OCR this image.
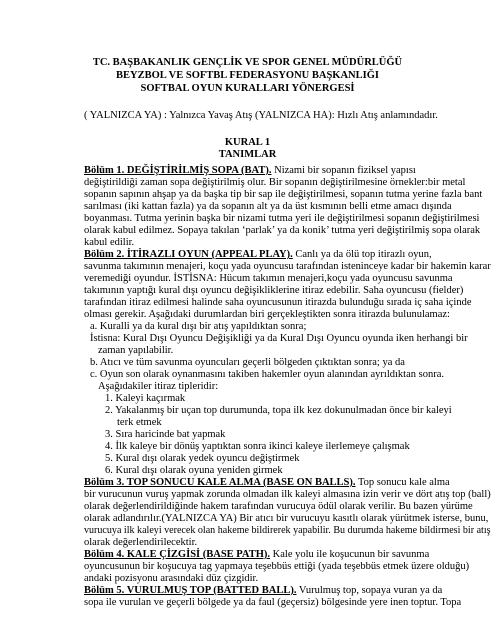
TC. BAŞBAKANLIK GENÇLİK VE SPOR GENEL MÜDÜRLÜĞÜ
BEYZBOL VE SOFTBL FEDERASYONU BAŞKANLIĞI
SOFTBAL OYUN KURALLARI YÖNERGESİ
( YALNIZCA YA) : Yalnızca Yavaş Atış (YALNIZCA HA): Hızlı Atış anlamındadır.
KURAL 1
TANIMLAR
Bölüm 1. DEĞİŞTİRİLMİŞ SOPA (BAT). Nizami bir sopanın fiziksel yapısı
değiştirildiği zaman sopa değiştirilmiş olur. Bir sopanın değiştirilmesine örnekler:bir metal
sopanın sapının ahşap ya da başka tip bir sap ile değiştirilmesi, sopanın tutma yerine fazla bant
sarılması (iki kattan fazla) ya da sopanın alt ya da üst kısmının belli etme amacı dışında
boyanması. Tutma yerinin başka bir nizami tutma yeri ile değiştirilmesi sopanın değiştirilmesi
olarak kabul edilmez. Sopaya takılan ‘parlak’ ya da konik’ tutma yeri değiştirilmiş sopa olarak
kabul edilir.
Bölüm 2. İTİRAZLI OYUN (APPEAL PLAY). Canlı ya da ölü top itirazlı oyun,
savunma takımının menajeri, koçu yada oyuncusu tarafından isteninceye kadar bir hakemin karar
veremediği oyundur. İSTİSNA: Hücum takımın menajeri,koçu yada oyuncusu savunma
takımının yaptığı kural dışı oyuncu değişikliklerine itiraz edebilir. Saha oyuncusu (fielder)
tarafından itiraz edilmesi halinde saha oyuncusunun itirazda bulunduğu sırada iç saha içinde
olması gerekir. Aşağıdaki durumlardan biri gerçekleştikten sonra itirazda bulunulamaz:
a. Kuralli ya da kural dışı bir atış yapıldıktan sonra;
İstisna: Kural Dışı Oyuncu Değişikliği ya da Kural Dışı Oyuncu oyunda iken herhangi bir
zaman yapılabilir.
b. Atıcı ve tüm savunma oyuncuları geçerli bölgeden çıktıktan sonra; ya da
c. Oyun son olarak oynanmasını takiben hakemler oyun alanından ayrıldıktan sonra.
Aşağıdakiler itiraz tipleridir:
1. Kaleyi kaçırmak
2. Yakalanmış bir uçan top durumunda, topa ilk kez dokunulmadan önce bir kaleyi
terk etmek
3. Sıra haricinde bat yapmak
4. İlk kaleye bir dönüş yaptıktan sonra ikinci kaleye ilerlemeye çalışmak
5. Kural dışı olarak yedek oyuncu değiştirmek
6. Kural dışı olarak oyuna yeniden girmek
Bölüm 3. TOP SONUCU KALE ALMA (BASE ON BALLS). Top sonucu kale alma
bir vurucunun vuruş yapmak zorunda olmadan ilk kaleyi almasına izin verir ve dört atış top (ball)
olarak değerlendirildiğinde hakem tarafından vurucuya ödül olarak verilir. Bu bazen yürüme
olarak adlandırılır.(YALNIZCA YA) Bir atıcı bir vurucuyu kasıtlı olarak yürütmek isterse, bunu,
vurucuya ilk kaleyi verecek olan hakeme bildirerek yapabilir. Bu durumda hakeme bildirmesi bir atış
olarak değerlendirilecektir.
Bölüm 4. KALE ÇİZGİSİ (BASE PATH). Kale yolu ile koşucunun bir savunma
oyuncusunun bir koşucuya tag yapmaya teşebbüs ettiği (yada teşebbüs etmek üzere olduğu)
andaki pozisyonu arasındaki düz çizgidir.
Bölüm 5. VURULMUŞ TOP (BATTED BALL). Vurulmuş top, sopaya vuran ya da
sopa ile vurulan ve geçerli bölgede ya da faul (geçersiz) bölgesinde yere inen toptur. Topa
